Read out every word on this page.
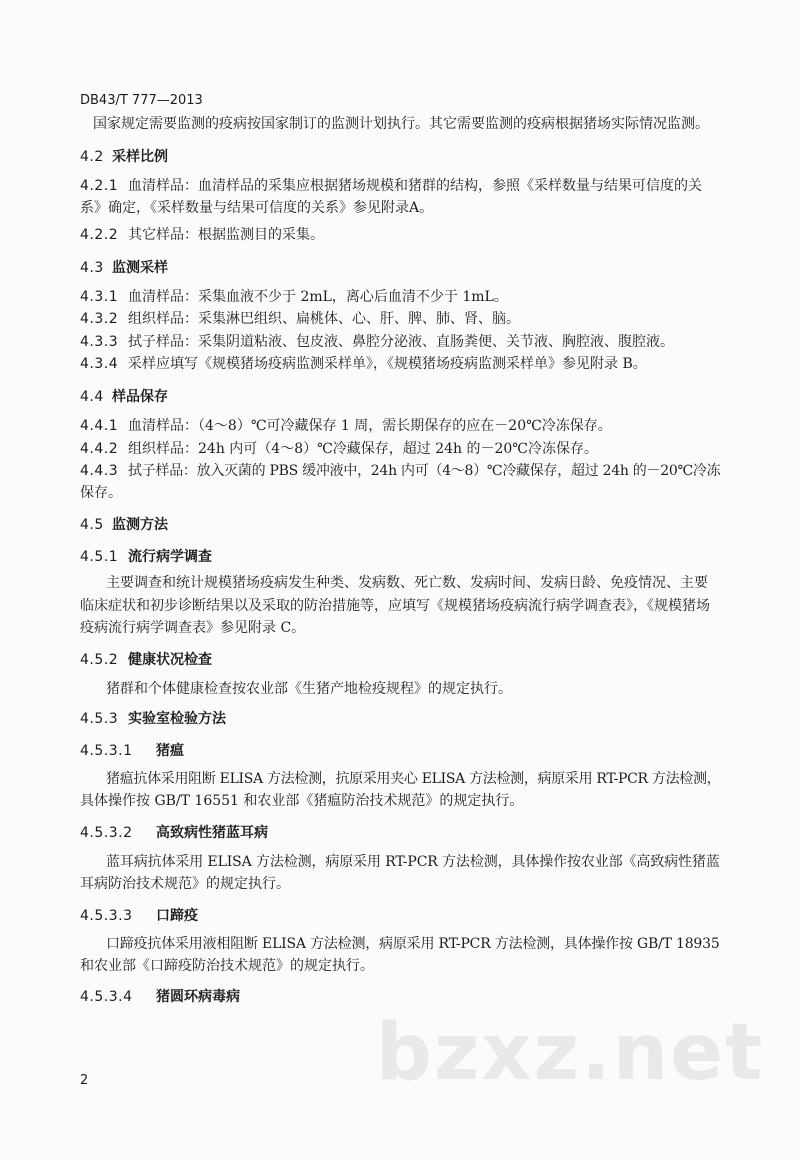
DB43/T 777—2013
国家规定需要监测的疫病按国家制订的监测计划执行。其它需要监测的疫病根据猪场实际情况监测。
4.2 采样比例
4.2.1 血清样品：血清样品的采集应根据猪场规模和猪群的结构，参照《采样数量与结果可信度的关
系》确定，《采样数量与结果可信度的关系》参见附录A。
4.2.2 其它样品：根据监测目的采集。
4.3 监测采样
4.3.1 血清样品：采集血液不少于 2mL，离心后血清不少于 1mL。
4.3.2 组织样品：采集淋巴组织、扁桃体、心、肝、脾、肺、肾、脑。
4.3.3 拭子样品：采集阴道粘液、包皮液、鼻腔分泌液、直肠粪便、关节液、胸腔液、腹腔液。
4.3.4 采样应填写《规模猪场疫病监测采样单》，《规模猪场疫病监测采样单》参见附录 B。
4.4 样品保存
4.4.1 血清样品：（4～8）℃可冷藏保存 1 周，需长期保存的应在－20℃冷冻保存。
4.4.2 组织样品：24h 内可（4～8）℃冷藏保存，超过 24h 的－20℃冷冻保存。
4.4.3 拭子样品：放入灭菌的 PBS 缓冲液中，24h 内可（4～8）℃冷藏保存，超过 24h 的－20℃冷冻
保存。
4.5 监测方法
4.5.1 流行病学调查
主要调查和统计规模猪场疫病发生种类、发病数、死亡数、发病时间、发病日龄、免疫情况、主要
临床症状和初步诊断结果以及采取的防治措施等，应填写《规模猪场疫病流行病学调查表》，《规模猪场
疫病流行病学调查表》参见附录 C。
4.5.2 健康状况检查
猪群和个体健康检查按农业部《生猪产地检疫规程》的规定执行。
4.5.3 实验室检验方法
4.5.3.1 猪瘟
猪瘟抗体采用阻断 ELISA 方法检测，抗原采用夹心 ELISA 方法检测，病原采用 RT-PCR 方法检测，
具体操作按 GB/T 16551 和农业部《猪瘟防治技术规范》的规定执行。
4.5.3.2 高致病性猪蓝耳病
蓝耳病抗体采用 ELISA 方法检测，病原采用 RT-PCR 方法检测，具体操作按农业部《高致病性猪蓝
耳病防治技术规范》的规定执行。
4.5.3.3 口蹄疫
口蹄疫抗体采用液相阻断 ELISA 方法检测，病原采用 RT-PCR 方法检测，具体操作按 GB/T 18935
和农业部《口蹄疫防治技术规范》的规定执行。
4.5.3.4 猪圆环病毒病
bzxz.net
2
